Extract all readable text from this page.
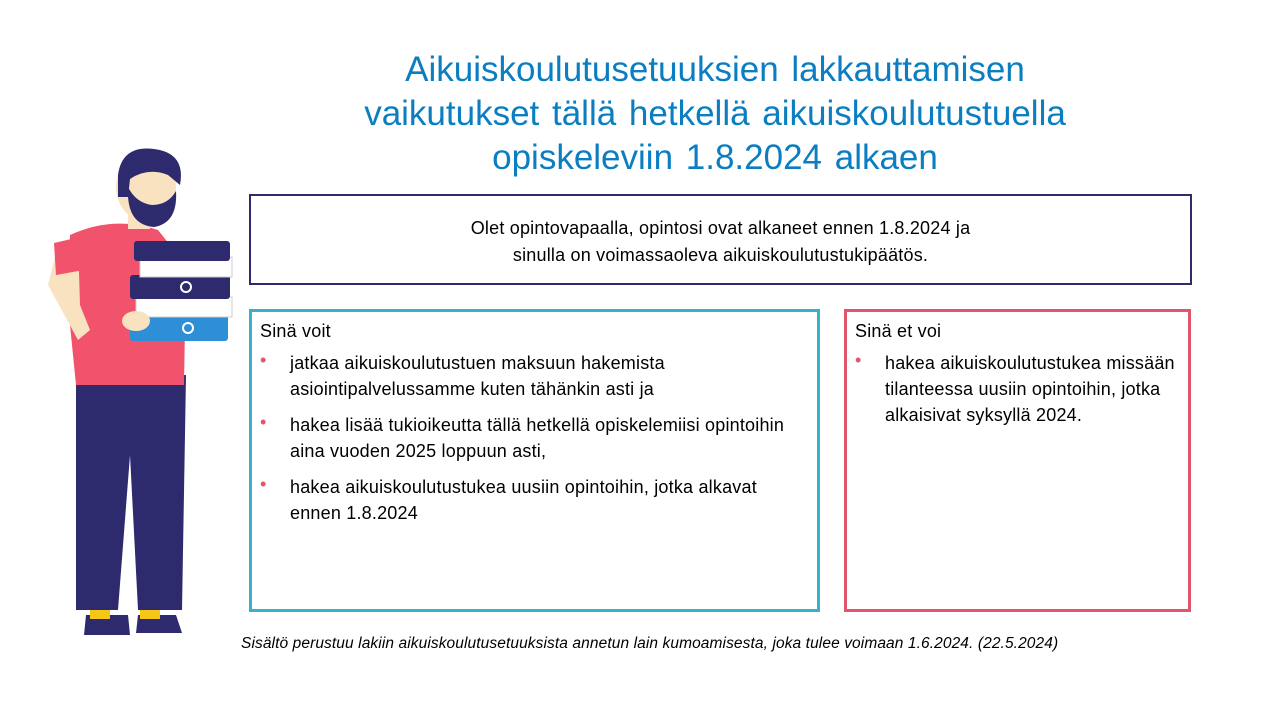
Aikuiskoulutusetuuksien lakkauttamisen
vaikutukset tällä hetkellä aikuiskoulutustuella
opiskeleviin 1.8.2024 alkaen
Olet opintovapaalla, opintosi ovat alkaneet ennen 1.8.2024 ja
sinulla on voimassaoleva aikuiskoulutustukipäätös.
Sinä voit
• jatkaa aikuiskoulutustuen maksuun hakemista asiointipalvelussamme kuten tähänkin asti ja
• hakea lisää tukioikeutta tällä hetkellä opiskelemiisi opintoihin aina vuoden 2025 loppuun asti,
• hakea aikuiskoulutustukea uusiin opintoihin, jotka alkavat ennen 1.8.2024
Sinä et voi
• hakea aikuiskoulutustukea missään tilanteessa uusiin opintoihin, jotka alkaisivat syksyllä 2024.
Sisältö perustuu lakiin aikuiskoulutusetuuksista annetun lain kumoamisesta, joka tulee voimaan 1.6.2024. (22.5.2024)
